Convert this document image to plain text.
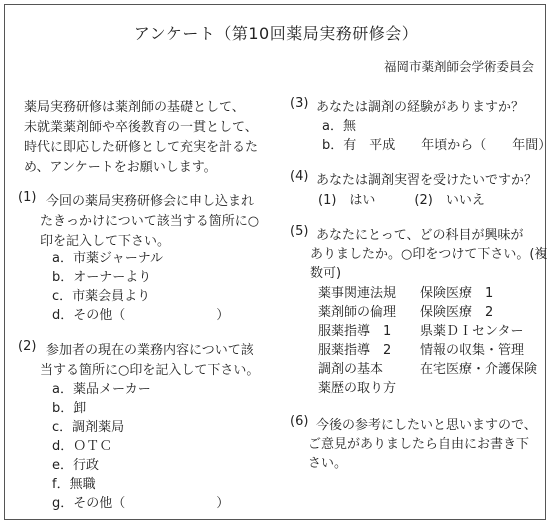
アンケート（第10回薬局実務研修会）
福岡市薬剤師会学術委員会
薬局実務研修は薬剤師の基礎として、
未就業薬剤師や卒後教育の一貫として、
時代に即応した研修として充実を計るた
め、アンケートをお願いします。
(1) 今回の薬局実務研修会に申し込まれ
たきっかけについて該当する箇所に○
印を記入して下さい。
a．市薬ジャーナル
b．オーナーより
c．市薬会員より
d．その他（　　　　　　　）
(2) 参加者の現在の業務内容について該
当する箇所に○印を記入して下さい。
a．薬品メーカー
b．卸
c．調剤薬局
d．ＯＴＣ
e．行政
f．無職
g．その他（　　　　　　　）
(3) あなたは調剤の経験がありますか？
a．無
b．有　平成　　年頃から（　　年間）
(4) あなたは調剤実習を受けたいですか？
(1)　はい　　　(2)　いいえ
(5) あなたにとって、どの科目が興味が
ありましたか。○印をつけて下さい。(複
数可)
薬事関連法規 保険医療　1
薬剤師の倫理 保険医療　2
服薬指導　1 県薬ＤＩセンター
服薬指導　2 情報の収集・管理
調剤の基本	在宅医療・介護保険
薬歴の取り方
(6) 今後の参考にしたいと思いますので、
ご意見がありましたら自由にお書き下
さい。
